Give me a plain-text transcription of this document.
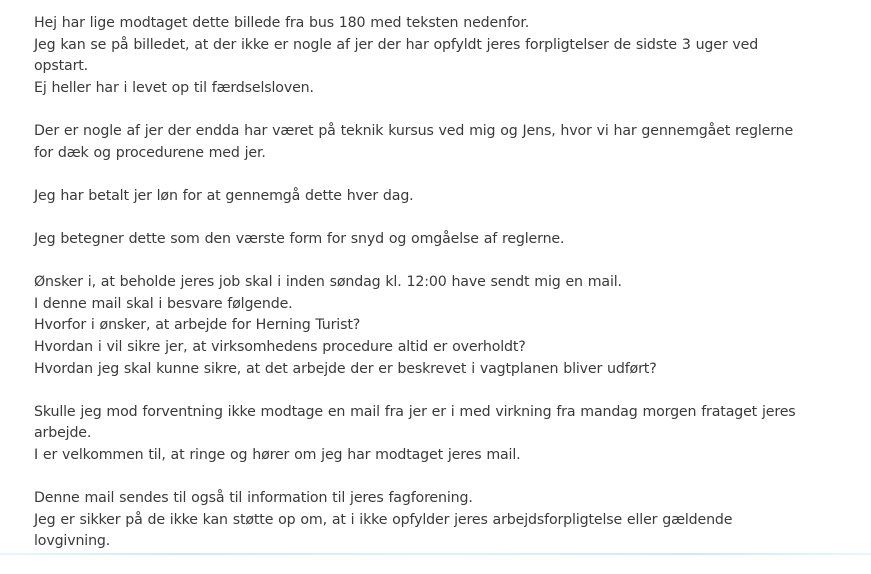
Hej har lige modtaget dette billede fra bus 180 med teksten nedenfor.
Jeg kan se på billedet, at der ikke er nogle af jer der har opfyldt jeres forpligtelser de sidste 3 uger ved
opstart.
Ej heller har i levet op til færdselsloven.

Der er nogle af jer der endda har været på teknik kursus ved mig og Jens, hvor vi har gennemgået reglerne
for dæk og procedurene med jer.

Jeg har betalt jer løn for at gennemgå dette hver dag.

Jeg betegner dette som den værste form for snyd og omgåelse af reglerne.

Ønsker i, at beholde jeres job skal i inden søndag kl. 12:00 have sendt mig en mail.
I denne mail skal i besvare følgende.
Hvorfor i ønsker, at arbejde for Herning Turist?
Hvordan i vil sikre jer, at virksomhedens procedure altid er overholdt?
Hvordan jeg skal kunne sikre, at det arbejde der er beskrevet i vagtplanen bliver udført?

Skulle jeg mod forventning ikke modtage en mail fra jer er i med virkning fra mandag morgen frataget jeres
arbejde.
I er velkommen til, at ringe og hører om jeg har modtaget jeres mail.

Denne mail sendes til også til information til jeres fagforening.
Jeg er sikker på de ikke kan støtte op om, at i ikke opfylder jeres arbejdsforpligtelse eller gældende
lovgivning.
